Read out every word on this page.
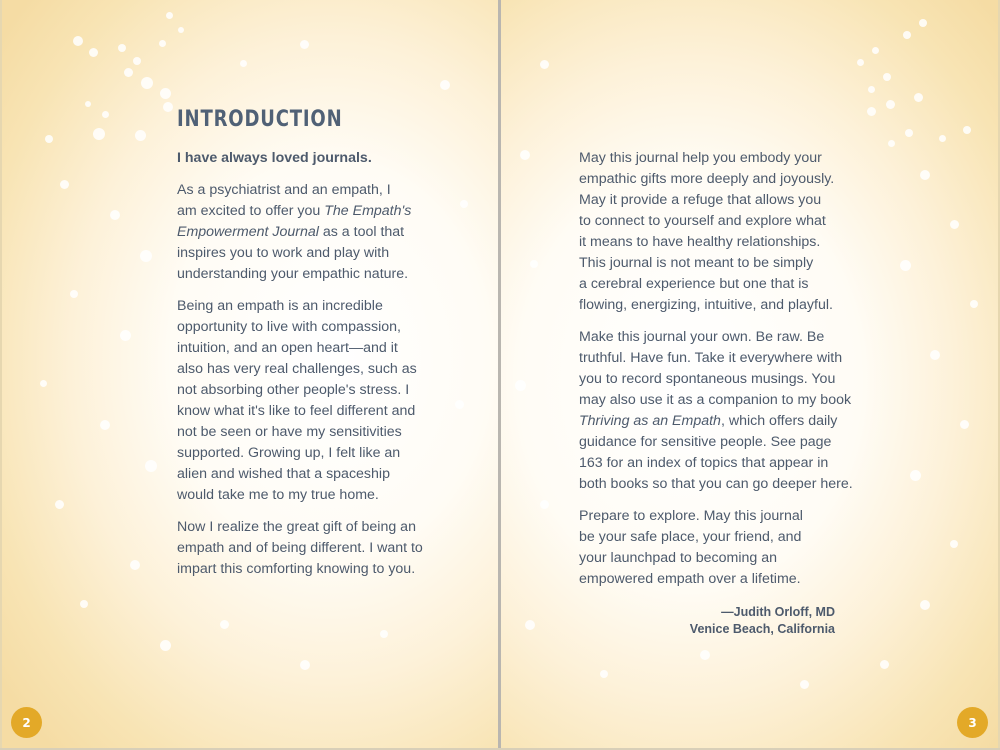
INTRODUCTION

I have always loved journals.

As a psychiatrist and an empath, I
am excited to offer you The Empath's
Empowerment Journal as a tool that
inspires you to work and play with
understanding your empathic nature.

Being an empath is an incredible
opportunity to live with compassion,
intuition, and an open heart—and it
also has very real challenges, such as
not absorbing other people's stress. I
know what it's like to feel different and
not be seen or have my sensitivities
supported. Growing up, I felt like an
alien and wished that a spaceship
would take me to my true home.

Now I realize the great gift of being an
empath and of being different. I want to
impart this comforting knowing to you.

2

May this journal help you embody your
empathic gifts more deeply and joyously.
May it provide a refuge that allows you
to connect to yourself and explore what
it means to have healthy relationships.
This journal is not meant to be simply
a cerebral experience but one that is
flowing, energizing, intuitive, and playful.

Make this journal your own. Be raw. Be
truthful. Have fun. Take it everywhere with
you to record spontaneous musings. You
may also use it as a companion to my book
Thriving as an Empath, which offers daily
guidance for sensitive people. See page
163 for an index of topics that appear in
both books so that you can go deeper here.

Prepare to explore. May this journal
be your safe place, your friend, and
your launchpad to becoming an
empowered empath over a lifetime.

—Judith Orloff, MD
Venice Beach, California
3
